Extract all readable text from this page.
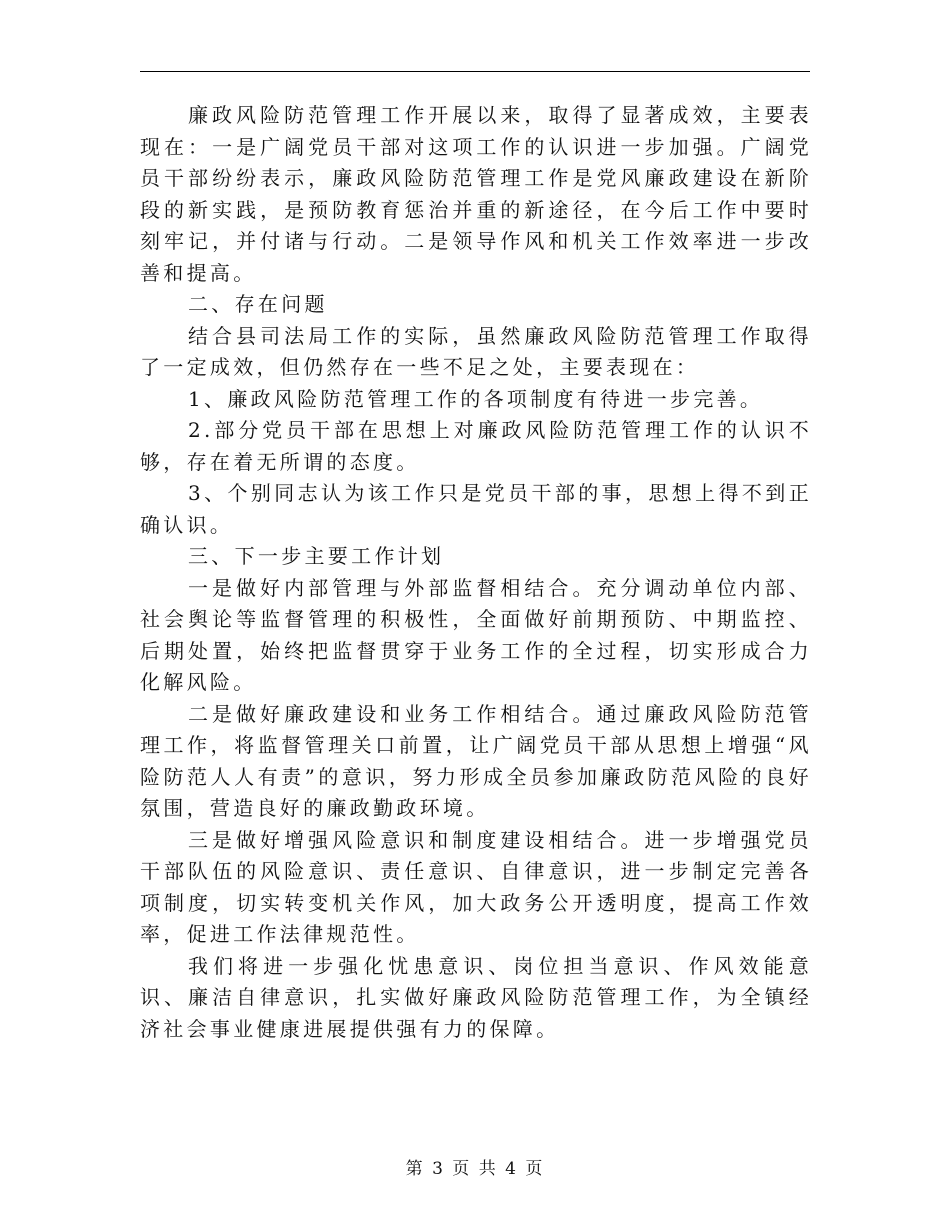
廉政风险防范管理工作开展以来，取得了显著成效，主要表现在：一是广阔党员干部对这项工作的认识进一步加强。广阔党员干部纷纷表示，廉政风险防范管理工作是党风廉政建设在新阶段的新实践，是预防教育惩治并重的新途径，在今后工作中要时刻牢记，并付诸与行动。二是领导作风和机关工作效率进一步改善和提高。

二、存在问题

结合县司法局工作的实际，虽然廉政风险防范管理工作取得了一定成效，但仍然存在一些不足之处，主要表现在：

1、廉政风险防范管理工作的各项制度有待进一步完善。

2.部分党员干部在思想上对廉政风险防范管理工作的认识不够，存在着无所谓的态度。

3、个别同志认为该工作只是党员干部的事，思想上得不到正确认识。

三、下一步主要工作计划

一是做好内部管理与外部监督相结合。充分调动单位内部、社会舆论等监督管理的积极性，全面做好前期预防、中期监控、后期处置，始终把监督贯穿于业务工作的全过程，切实形成合力化解风险。

二是做好廉政建设和业务工作相结合。通过廉政风险防范管理工作，将监督管理关口前置，让广阔党员干部从思想上增强“风险防范人人有责”的意识，努力形成全员参加廉政防范风险的良好氛围，营造良好的廉政勤政环境。

三是做好增强风险意识和制度建设相结合。进一步增强党员干部队伍的风险意识、责任意识、自律意识，进一步制定完善各项制度，切实转变机关作风，加大政务公开透明度，提高工作效率，促进工作法律规范性。

我们将进一步强化忧患意识、岗位担当意识、作风效能意识、廉洁自律意识，扎实做好廉政风险防范管理工作，为全镇经济社会事业健康进展提供强有力的保障。

第 3 页 共 4 页
